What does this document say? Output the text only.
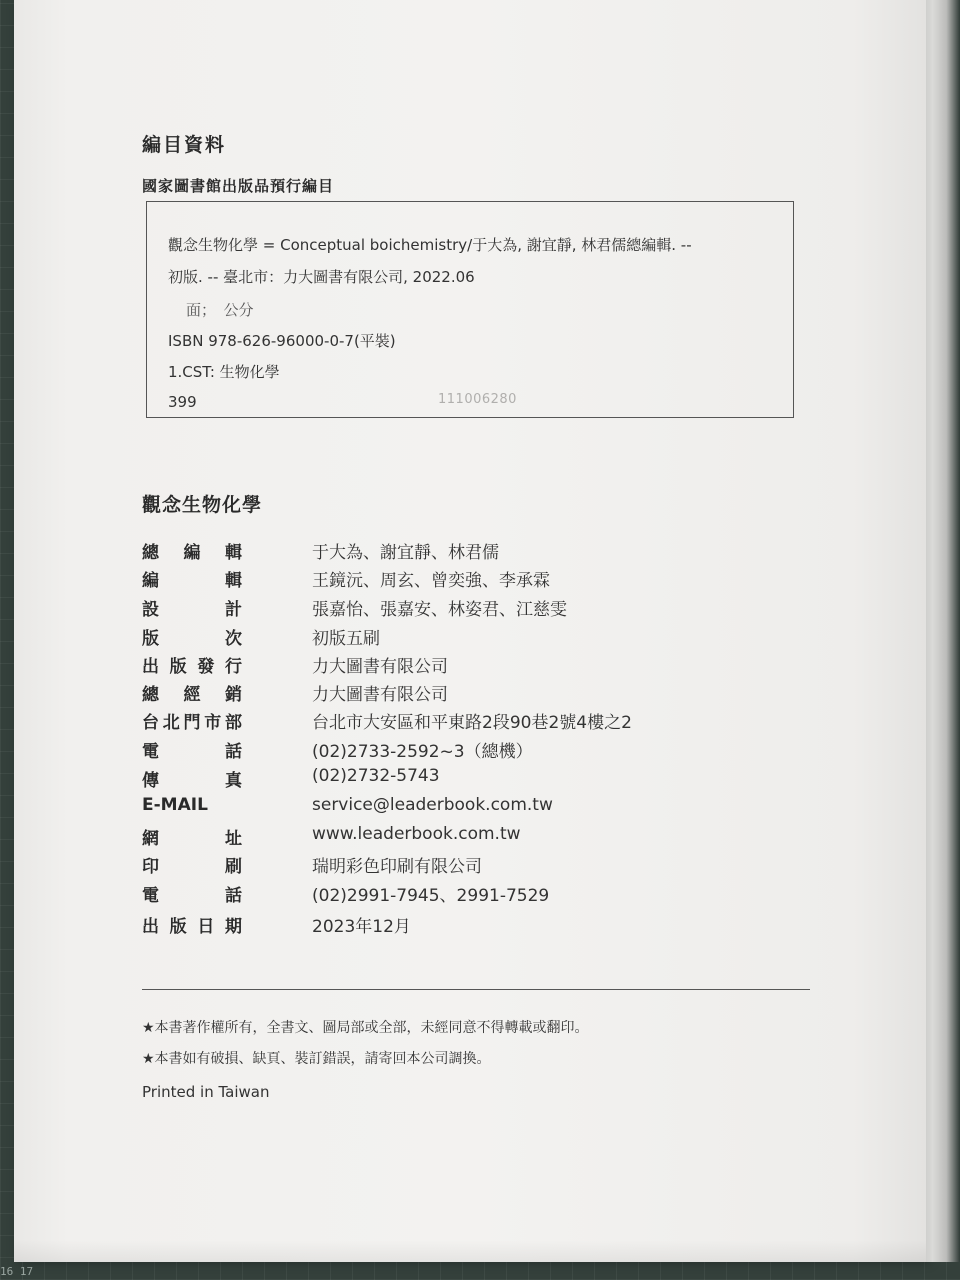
16 17
編目資料
國家圖書館出版品預行編目
觀念生物化學 = Conceptual boichemistry/于大為, 謝宜靜, 林君儒總編輯. --
初版. -- 臺北市：力大圖書有限公司, 2022.06
面；　公分
ISBN 978-626-96000-0-7(平裝)
1.CST: 生物化學
399	111006280
觀念生物化學
總編輯	于大為、謝宜靜、林君儒
編輯	王鏡沅、周玄、曾奕強、李承霖
設計	張嘉怡、張嘉安、林姿君、江慈雯
版次	初版五刷
出版發行	力大圖書有限公司
總經銷	力大圖書有限公司
台北門市部	台北市大安區和平東路2段90巷2號4樓之2
電話	(02)2733-2592~3（總機）
傳真	(02)2732-5743
E-MAIL	service@leaderbook.com.tw
網址	www.leaderbook.com.tw
印刷	瑞明彩色印刷有限公司
電話	(02)2991-7945、2991-7529
出版日期	2023年12月
★本書著作權所有，全書文、圖局部或全部，未經同意不得轉載或翻印。
★本書如有破損、缺頁、裝訂錯誤，請寄回本公司調換。
Printed in Taiwan
